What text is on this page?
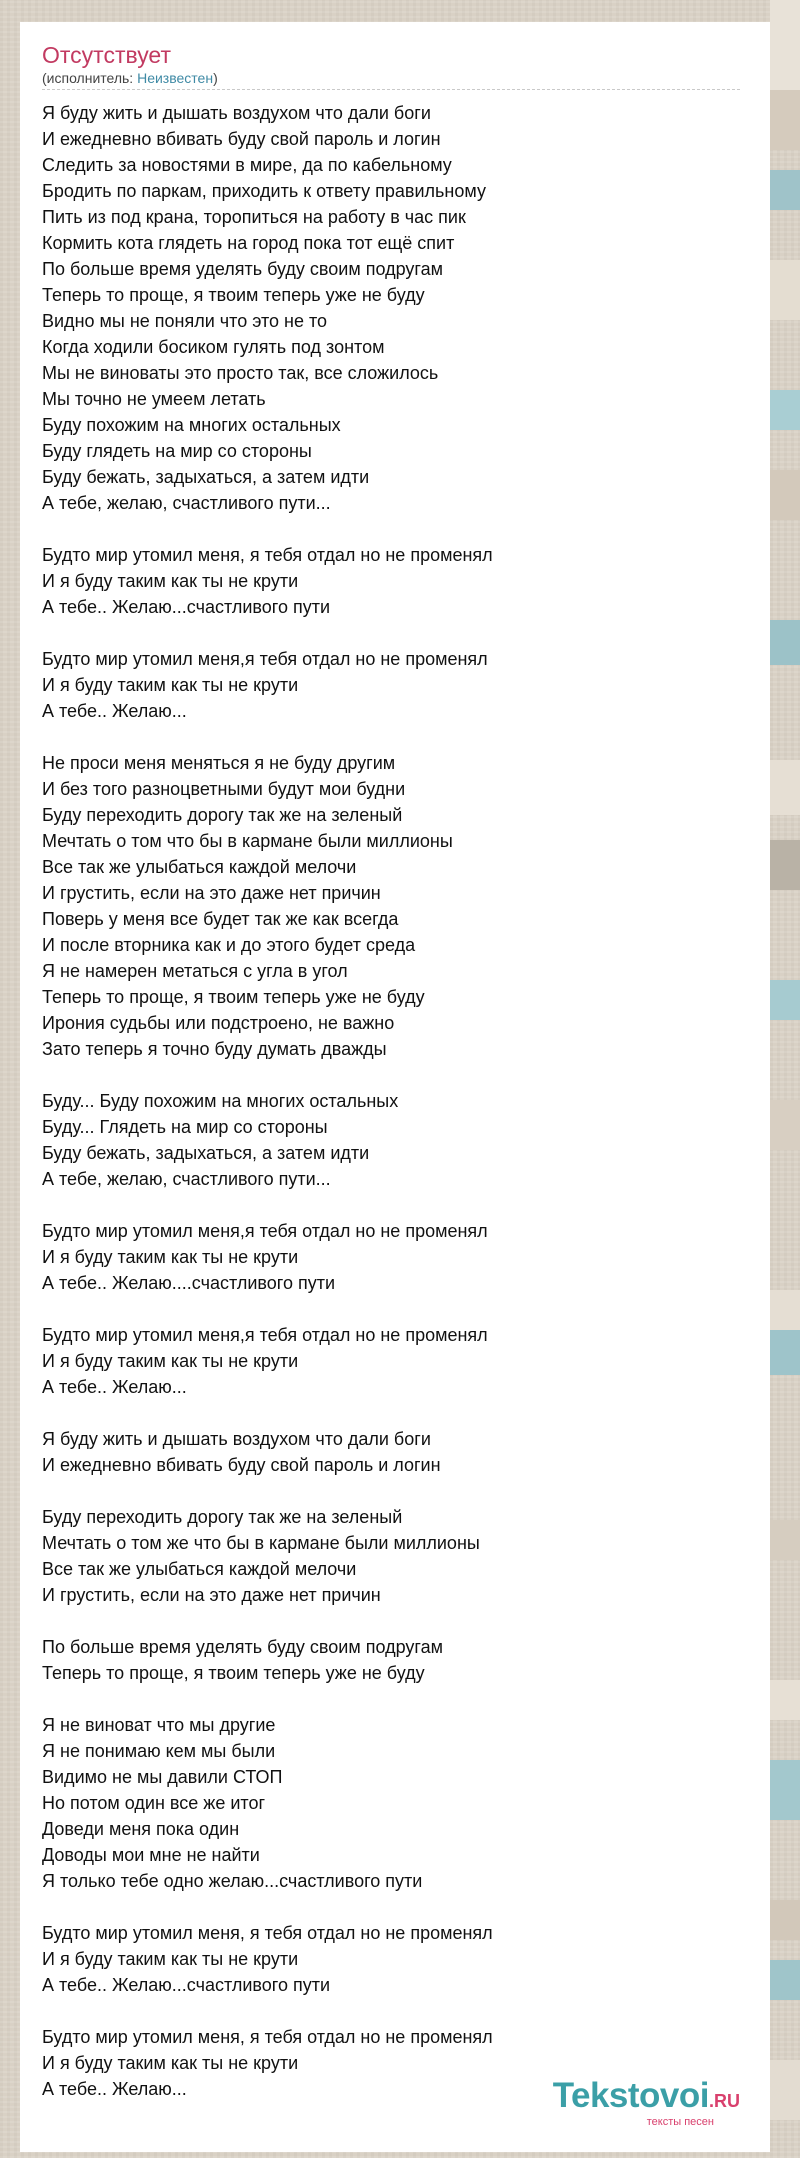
Отсутствует
(исполнитель: Неизвестен)
Я буду жить и дышать воздухом что дали боги
И ежедневно вбивать буду свой пароль и логин
Следить за новостями в мире, да по кабельному
Бродить по паркам, приходить к ответу правильному
Пить из под крана, торопиться на работу в час пик
Кормить кота глядеть на город пока тот ещё спит
По больше время уделять буду своим подругам
Теперь то проще, я твоим теперь уже не буду
Видно мы не поняли что это не то
Когда ходили босиком гулять под зонтом
Мы не виноваты это просто так, все сложилось
Мы точно не умеем летать
Буду похожим на многих остальных
Буду глядеть на мир со стороны
Буду бежать, задыхаться, а затем идти
А тебе, желаю, счастливого пути...
Будто мир утомил меня, я тебя отдал но не променял
И я буду таким как ты не крути
А тебе.. Желаю...счастливого пути
Будто мир утомил меня,я тебя отдал но не променял
И я буду таким как ты не крути
А тебе.. Желаю...
Не проси меня меняться я не буду другим
И без того разноцветными будут мои будни
Буду переходить дорогу так же на зеленый
Мечтать о том что бы в кармане были миллионы
Все так же улыбаться каждой мелочи
И грустить, если на это даже нет причин
Поверь у меня все будет так же как всегда
И после вторника как и до этого будет среда
Я не намерен метаться с угла в угол
Теперь то проще, я твоим теперь уже не буду
Ирония судьбы или подстроено, не важно
Зато теперь я точно буду думать дважды
Буду... Буду похожим на многих остальных
Буду... Глядеть на мир со стороны
Буду бежать, задыхаться, а затем идти
А тебе, желаю, счастливого пути...
Будто мир утомил меня,я тебя отдал но не променял
И я буду таким как ты не крути
А тебе.. Желаю....счастливого пути
Будто мир утомил меня,я тебя отдал но не променял
И я буду таким как ты не крути
А тебе.. Желаю...
Я буду жить и дышать воздухом что дали боги
И ежедневно вбивать буду свой пароль и логин
Буду переходить дорогу так же на зеленый
Мечтать о том же что бы в кармане были миллионы
Все так же улыбаться каждой мелочи
И грустить, если на это даже нет причин
По больше время уделять буду своим подругам
Теперь то проще, я твоим теперь уже не буду
Я не виноват что мы другие
Я не понимаю кем мы были
Видимо не мы давили СТОП
Но потом один все же итог
Доведи меня пока один
Доводы мои мне не найти
Я только тебе одно желаю...счастливого пути
Будто мир утомил меня, я тебя отдал но не променял
И я буду таким как ты не крути
А тебе.. Желаю...счастливого пути
Будто мир утомил меня, я тебя отдал но не променял
И я буду таким как ты не крути
А тебе.. Желаю...	Tekstovoi.RU
тексты песен
